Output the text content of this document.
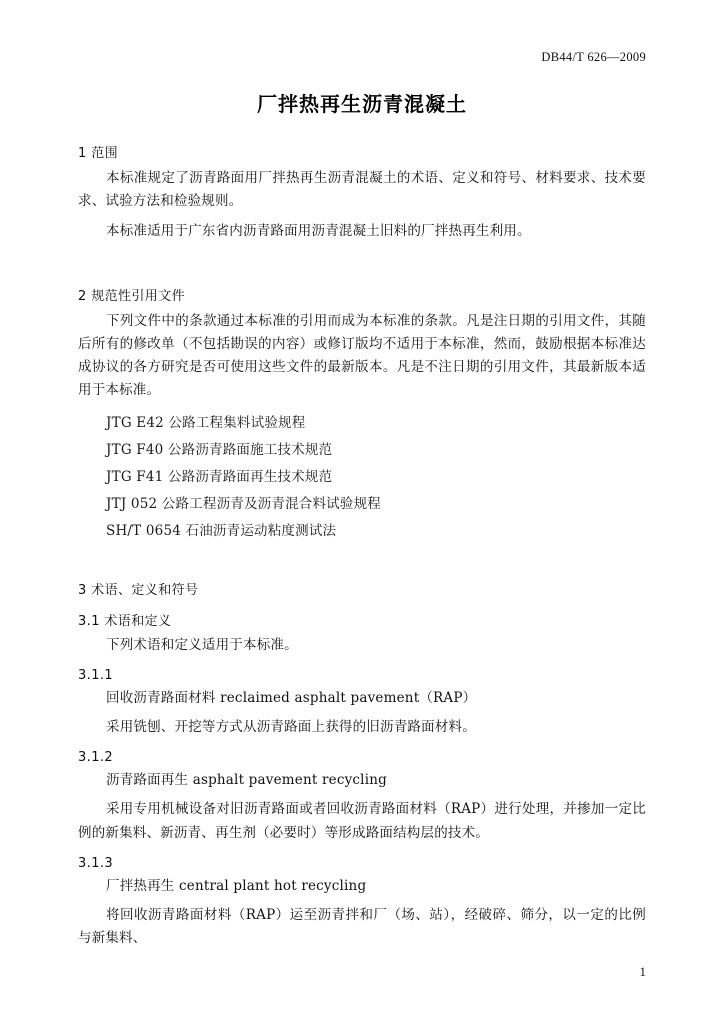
DB44/T 626—2009
厂拌热再生沥青混凝土
1 范围

本标准规定了沥青路面用厂拌热再生沥青混凝土的术语、定义和符号、材料要求、技术要求、试验方法和检验规则。

本标准适用于广东省内沥青路面用沥青混凝土旧料的厂拌热再生利用。

2 规范性引用文件

下列文件中的条款通过本标准的引用而成为本标准的条款。凡是注日期的引用文件，其随后所有的修改单（不包括勘误的内容）或修订版均不适用于本标准，然而，鼓励根据本标准达成协议的各方研究是否可使用这些文件的最新版本。凡是不注日期的引用文件，其最新版本适用于本标准。

JTG E42 公路工程集料试验规程
JTG F40 公路沥青路面施工技术规范
JTG F41 公路沥青路面再生技术规范
JTJ 052 公路工程沥青及沥青混合料试验规程
SH/T 0654 石油沥青运动粘度测试法
3 术语、定义和符号
3.1 术语和定义

下列术语和定义适用于本标准。

3.1.1
回收沥青路面材料 reclaimed asphalt pavement（RAP）

采用铣刨、开挖等方式从沥青路面上获得的旧沥青路面材料。

3.1.2
沥青路面再生 asphalt pavement recycling

采用专用机械设备对旧沥青路面或者回收沥青路面材料（RAP）进行处理，并掺加一定比例的新集料、新沥青、再生剂（必要时）等形成路面结构层的技术。

3.1.3
厂拌热再生 central plant hot recycling

将回收沥青路面材料（RAP）运至沥青拌和厂（场、站），经破碎、筛分，以一定的比例与新集料、

1
